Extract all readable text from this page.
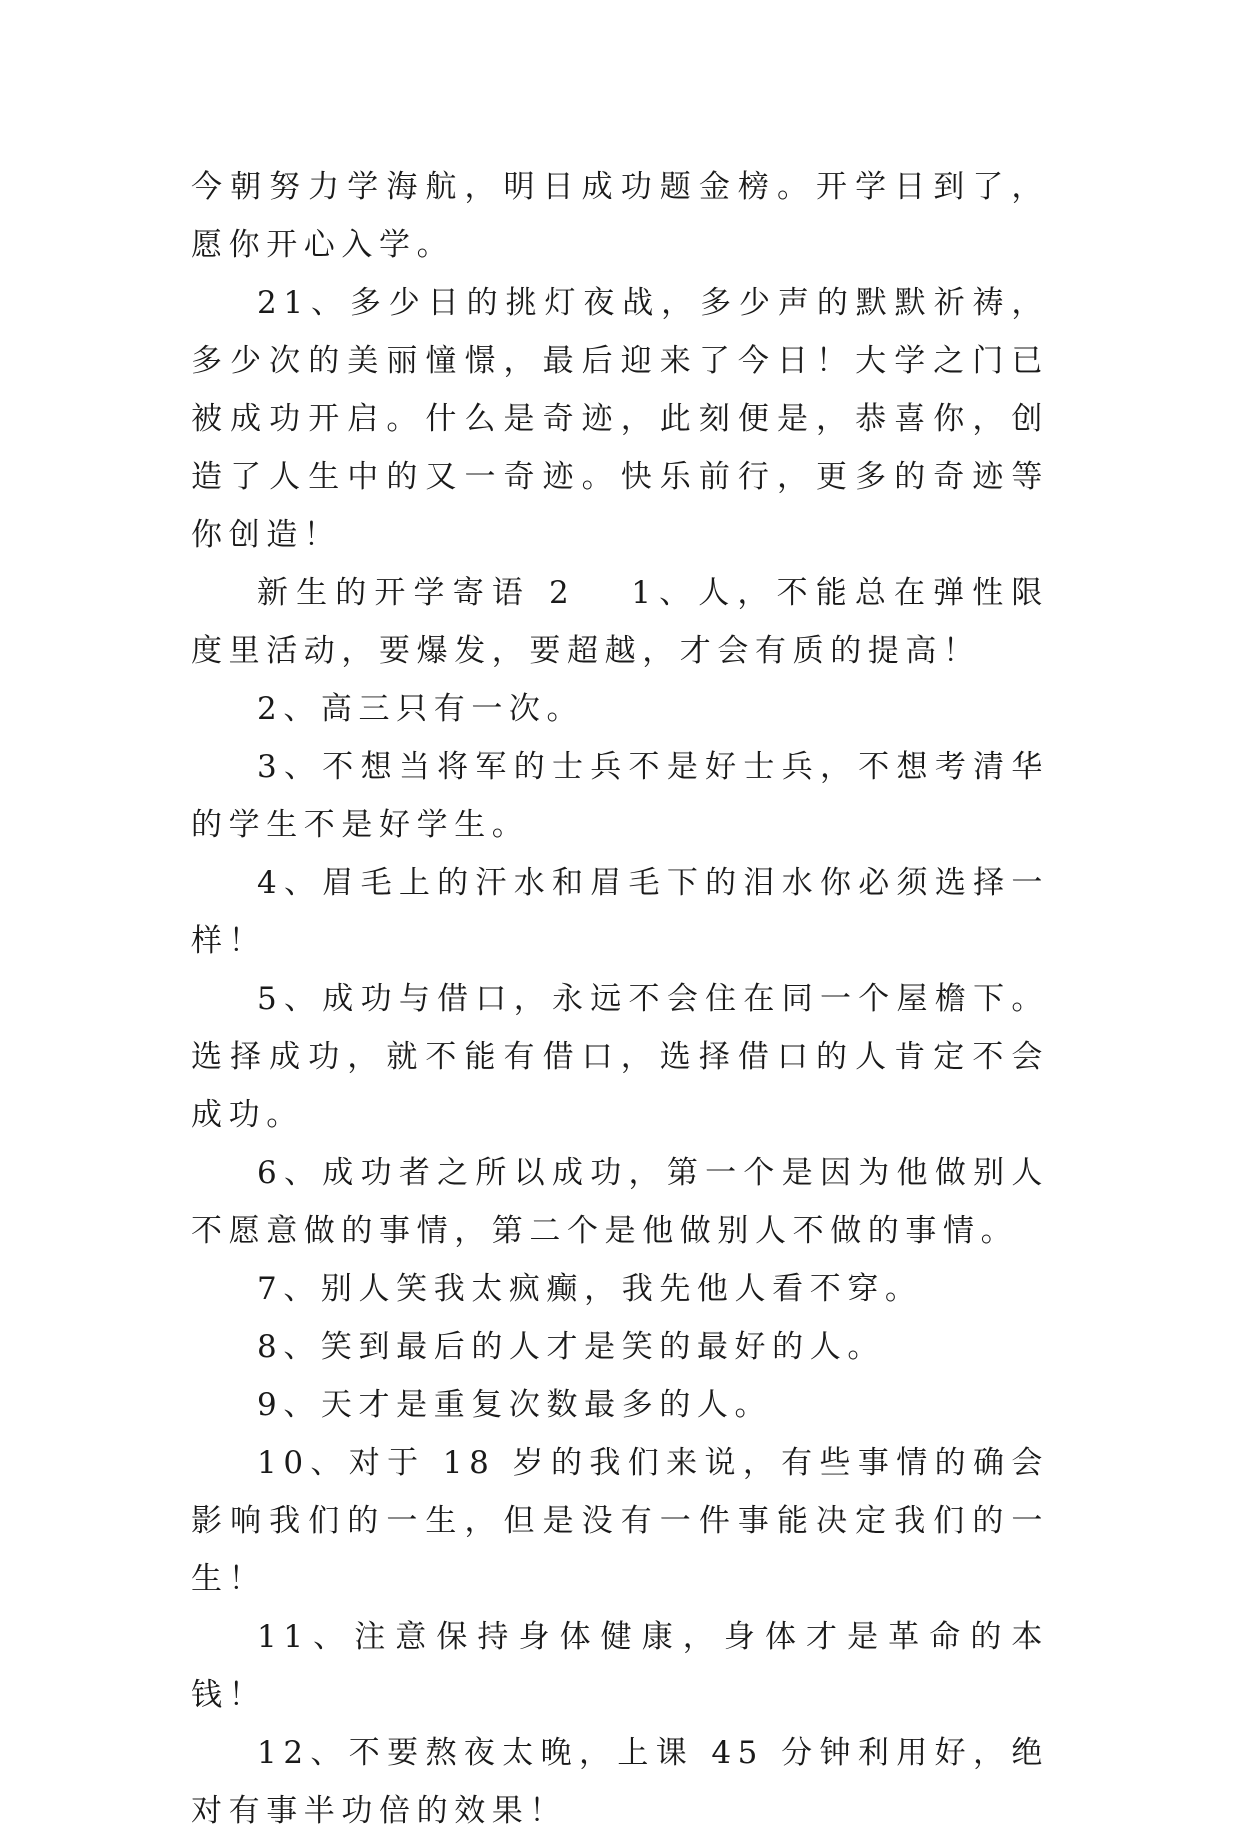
今朝努力学海航，明日成功题金榜。开学日到了，愿你开心入学。

21、多少日的挑灯夜战，多少声的默默祈祷，多少次的美丽憧憬，最后迎来了今日！大学之门已被成功开启。什么是奇迹，此刻便是，恭喜你，创造了人生中的又一奇迹。快乐前行，更多的奇迹等你创造！

新生的开学寄语 2 1、人，不能总在弹性限度里活动，要爆发，要超越，才会有质的提高！

2、高三只有一次。

3、不想当将军的士兵不是好士兵，不想考清华的学生不是好学生。

4、眉毛上的汗水和眉毛下的泪水你必须选择一样！

5、成功与借口，永远不会住在同一个屋檐下。选择成功，就不能有借口，选择借口的人肯定不会成功。

6、成功者之所以成功，第一个是因为他做别人不愿意做的事情，第二个是他做别人不做的事情。

7、别人笑我太疯癫，我先他人看不穿。

8、笑到最后的人才是笑的最好的人。

9、天才是重复次数最多的人。

10、对于 18 岁的我们来说，有些事情的确会影响我们的一生，但是没有一件事能决定我们的一生！

11、注意保持身体健康，身体才是革命的本钱！

12、不要熬夜太晚，上课 45 分钟利用好，绝对有事半功倍的效果！
